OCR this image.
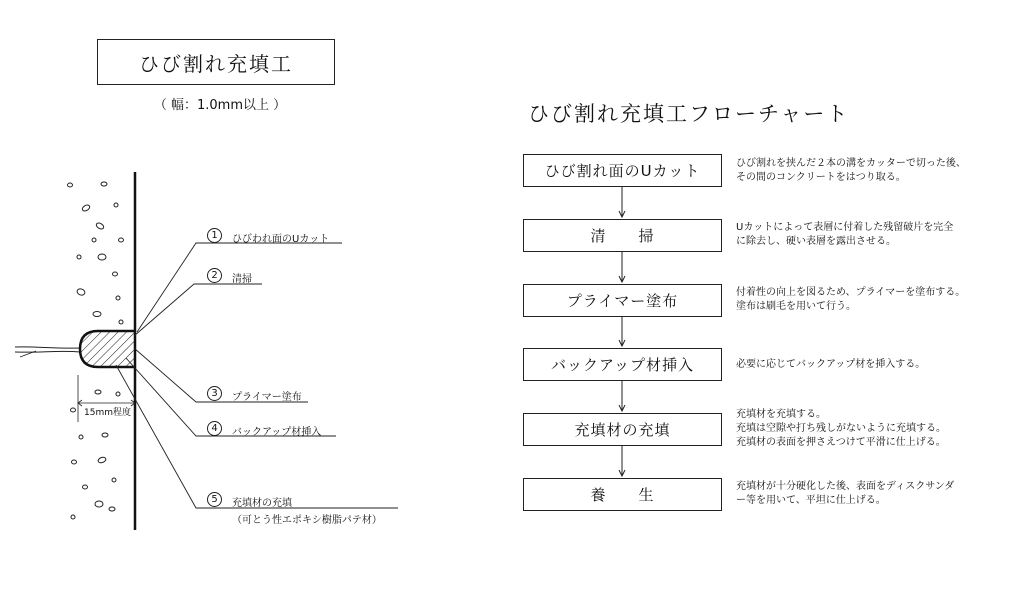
ひび割れ充填工
（ 幅：1.0mm以上 ）
1	ひびわれ面のUカット
2	清掃
3	プライマー塗布
4	バックアップ材挿入
5	充填材の充填
（可とう性エポキシ樹脂パテ材）
15mm程度
ひび割れ充填工フローチャート
ひび割れ面のUカット
清　　掃
プライマー塗布
バックアップ材挿入
充填材の充填
養　　生
ひび割れを挟んだ２本の溝をカッターで切った後、
その間のコンクリートをはつり取る。
Uカットによって表層に付着した残留破片を完全
に除去し、硬い表層を露出させる。
付着性の向上を図るため、プライマーを塗布する。
塗布は刷毛を用いて行う。
必要に応じてバックアップ材を挿入する。
充填材を充填する。
充填は空隙や打ち残しがないように充填する。
充填材の表面を押さえつけて平滑に仕上げる。
充填材が十分硬化した後、表面をディスクサンダ
ー等を用いて、平坦に仕上げる。
